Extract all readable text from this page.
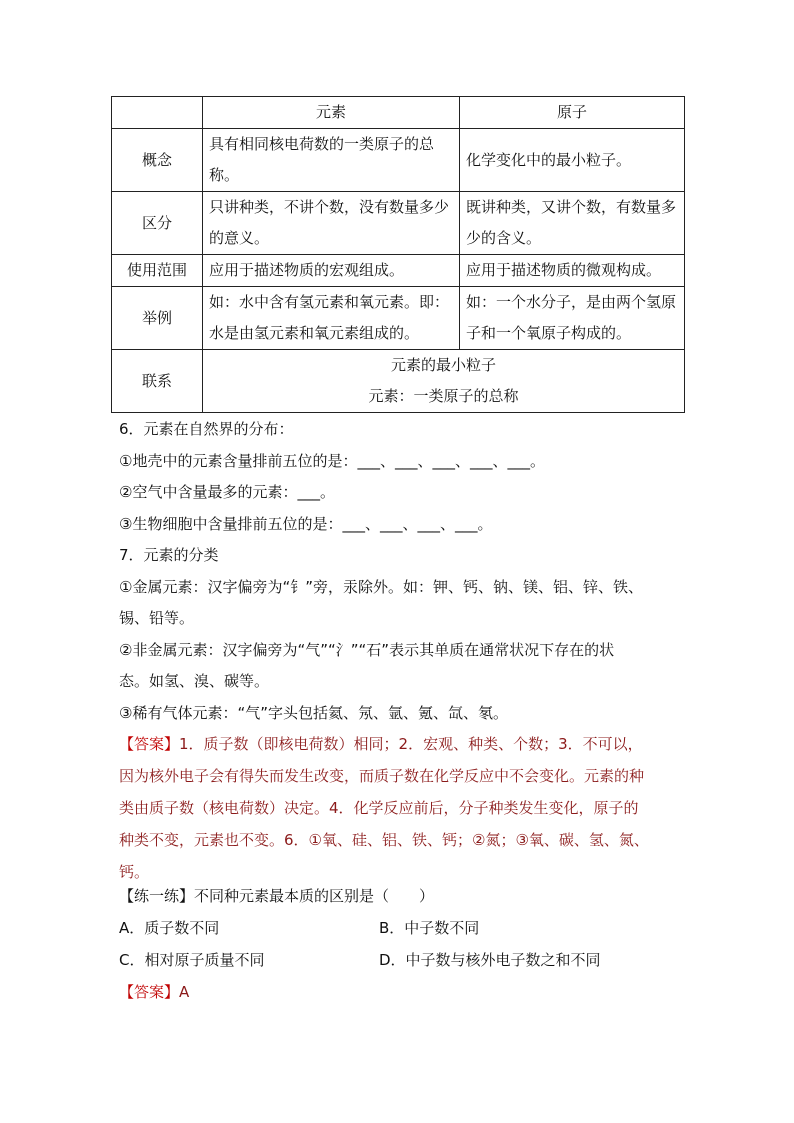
	元素	原子
概念	具有相同核电荷数的一类原子的总称。	化学变化中的最小粒子。
区分	只讲种类，不讲个数，没有数量多少的意义。	既讲种类，又讲个数，有数量多少的含义。
使用范围	应用于描述物质的宏观组成。	应用于描述物质的微观构成。
举例	如：水中含有氢元素和氧元素。即：水是由氢元素和氧元素组成的。	如：一个水分子，是由两个氢原子和一个氧原子构成的。
联系	元素的最小粒子
元素：一类原子的总称	
6．元素在自然界的分布：
①地壳中的元素含量排前五位的是：___、___、___、___、___。
②空气中含量最多的元素：___。
③生物细胞中含量排前五位的是：___、___、___、___。
7．元素的分类
①金属元素：汉字偏旁为“钅”旁，汞除外。如：钾、钙、钠、镁、铝、锌、铁、
锡、铅等。
②非金属元素：汉字偏旁为“气”“氵”“石”表示其单质在通常状况下存在的状
态。如氢、溴、碳等。
③稀有气体元素：“气”字头包括氦、氖、氩、氪、氙、氡。
【答案】1．质子数（即核电荷数）相同；2．宏观、种类、个数；3．不可以，
因为核外电子会有得失而发生改变，而质子数在化学反应中不会变化。元素的种
类由质子数（核电荷数）决定。4．化学反应前后，分子种类发生变化，原子的
种类不变，元素也不变。6．①氧、硅、铝、铁、钙；②氮；③氧、碳、氢、氮、
钙。
【练一练】不同种元素最本质的区别是（　　）
A．质子数不同	B．中子数不同
C．相对原子质量不同	D．中子数与核外电子数之和不同
【答案】A
